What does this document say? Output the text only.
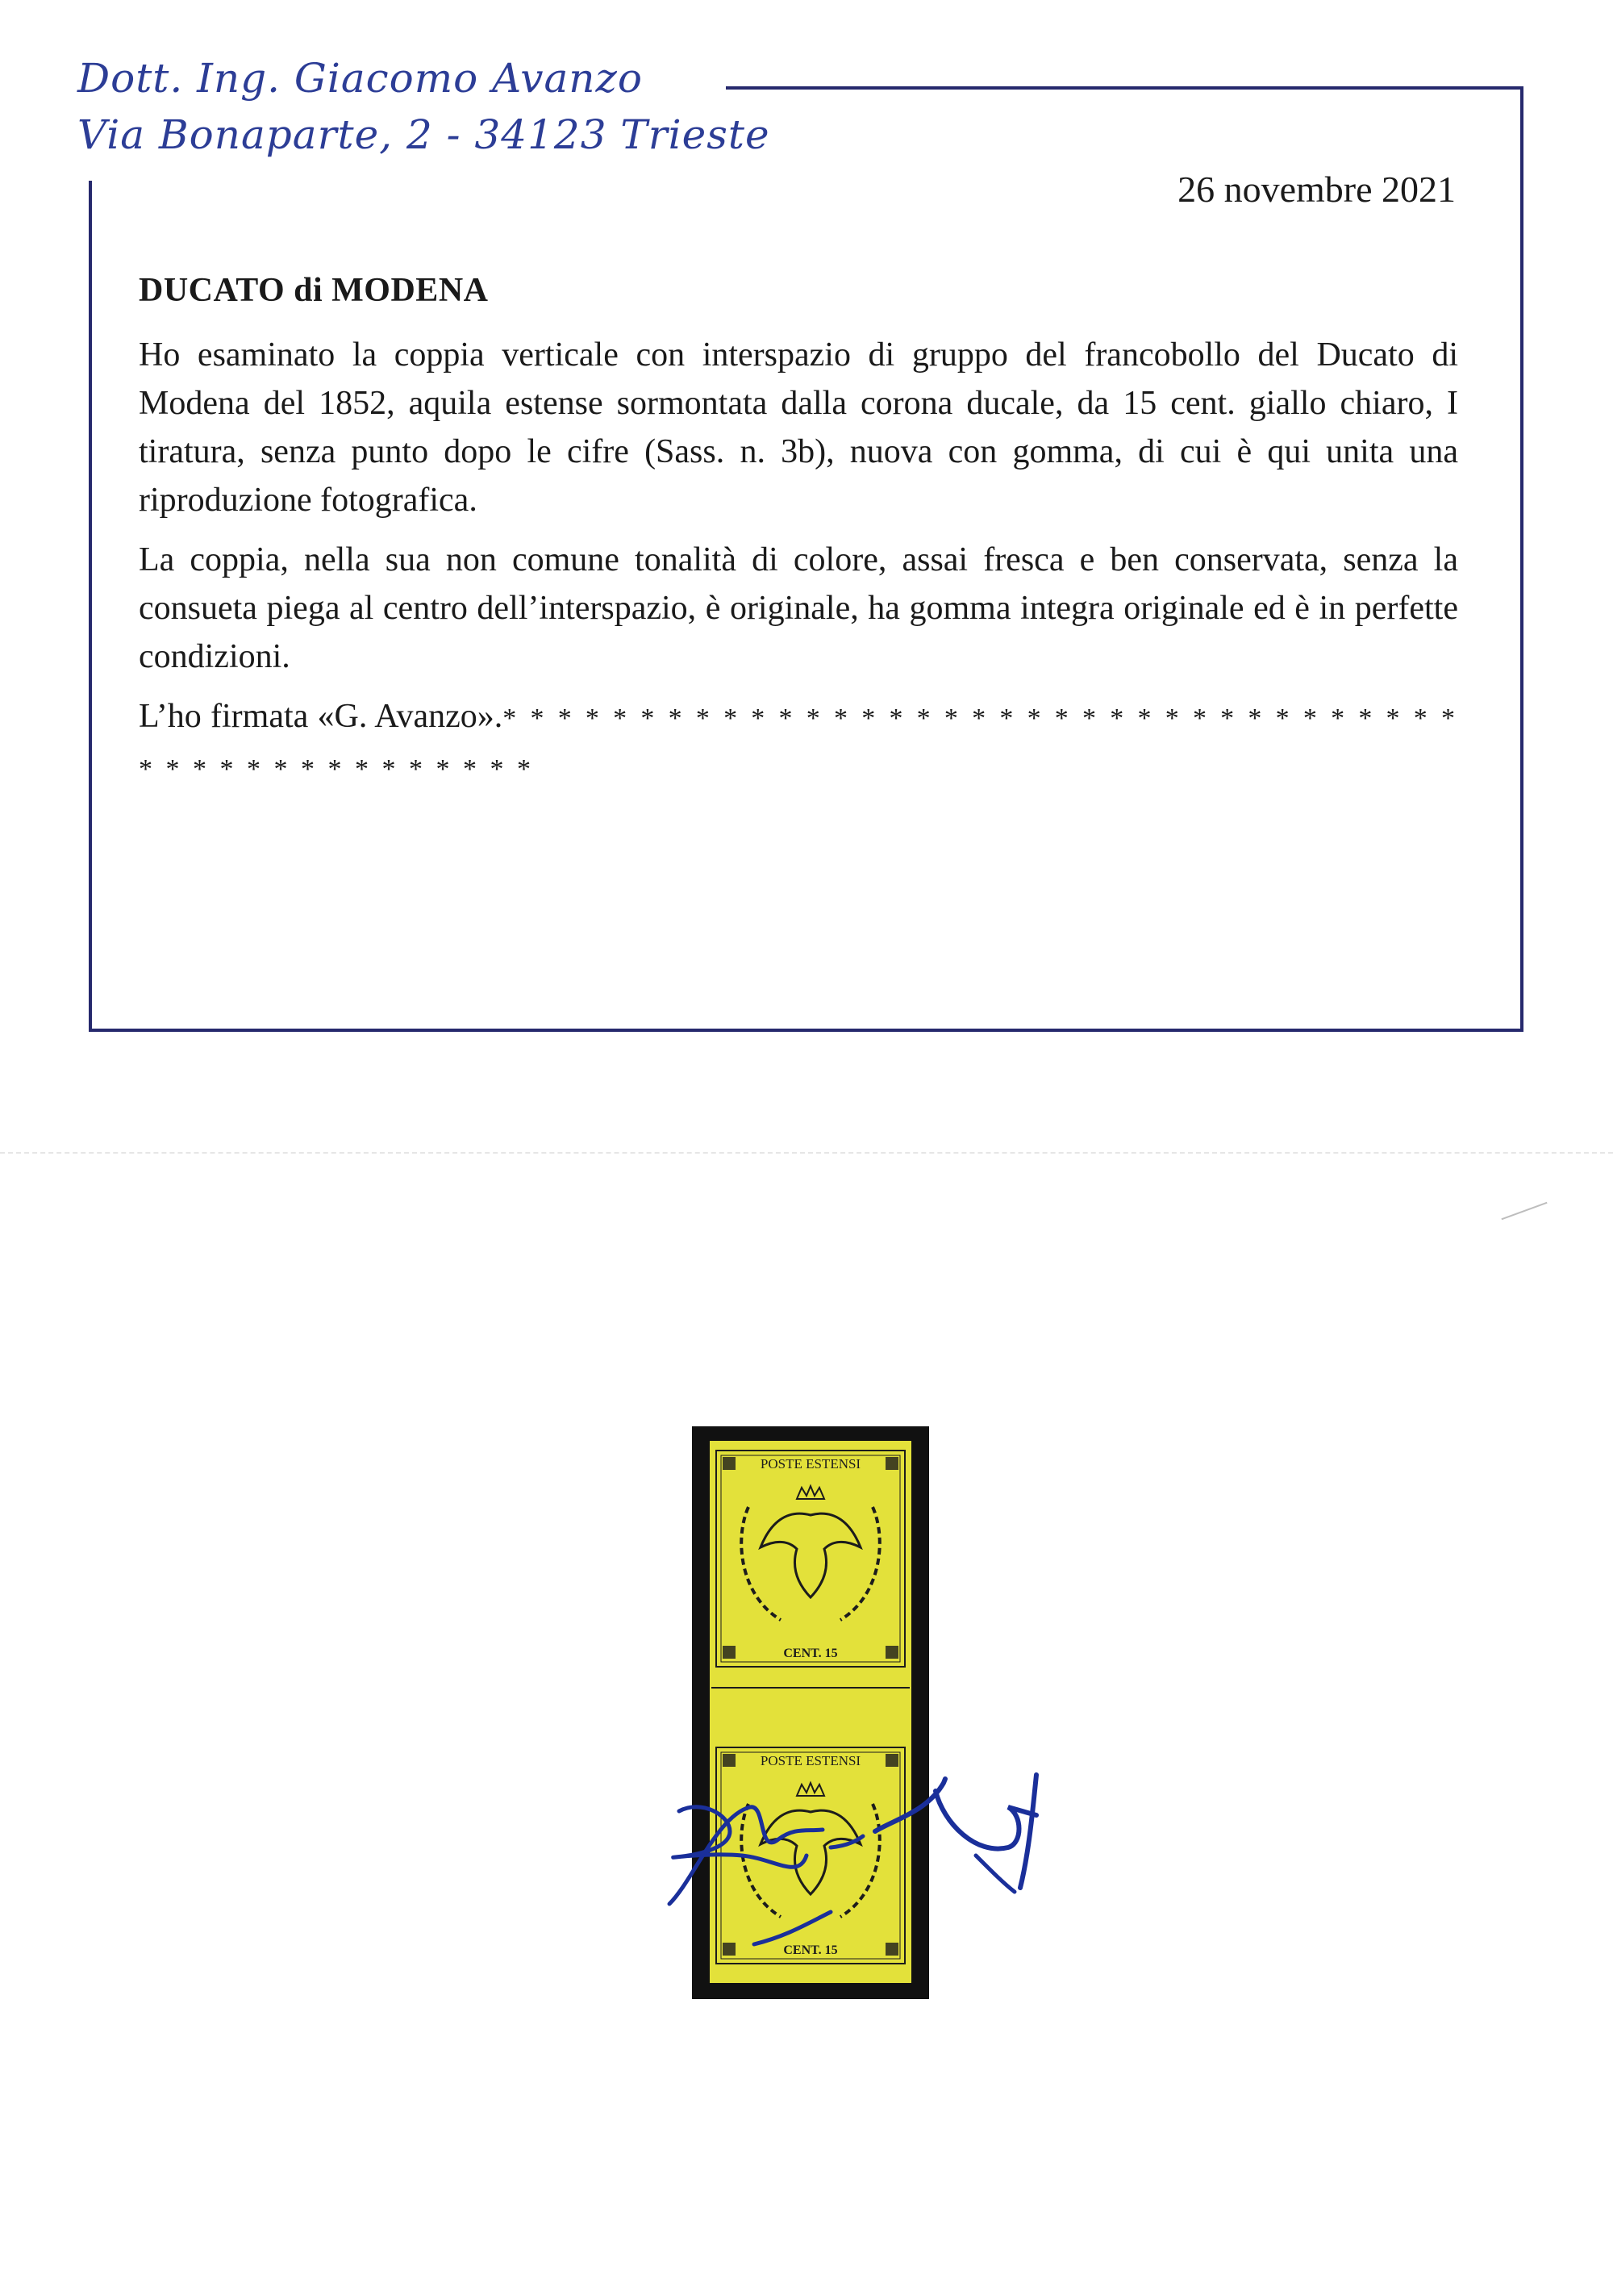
Dott. Ing. Giacomo Avanzo
Via Bonaparte, 2 - 34123 Trieste
26 novembre 2021
DUCATO di MODENA

Ho esaminato la coppia verticale con interspazio di gruppo del francobollo del Ducato di Modena del 1852, aquila estense sormontata dalla corona ducale, da 15 cent. giallo chiaro, I tiratura, senza punto dopo le cifre (Sass. n. 3b), nuova con gomma, di cui è qui unita una riproduzione fotografica.

La coppia, nella sua non comune tonalità di colore, assai fresca e ben conservata, senza la consueta piega al centro dell’interspazio, è originale, ha gomma integra originale ed è in perfette condizioni.

L’ho firmata «G. Avanzo».* * * * * * * * * * * * * * * * * * * * * * * * * * * * * * * * * * * * * * * * * * * * * * * * * *

POSTE ESTENSI
CENT. 15
POSTE ESTENSI
CENT. 15
